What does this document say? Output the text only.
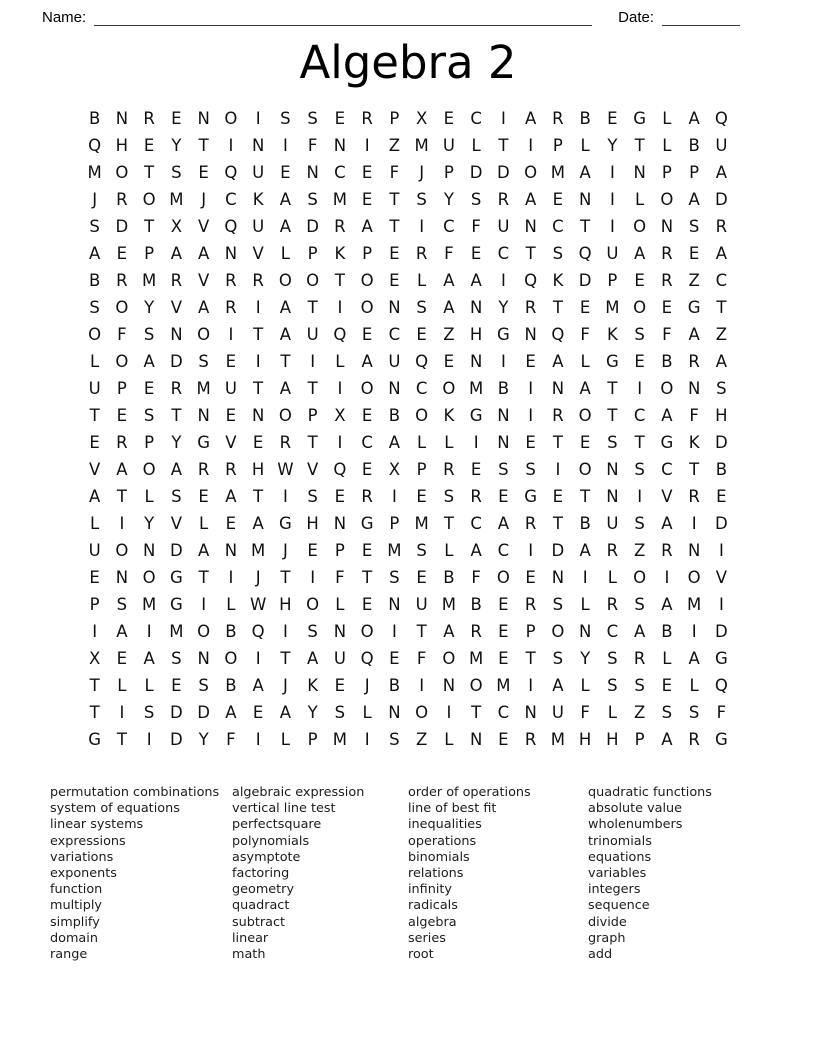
Name:	Date:
Algebra 2
B N R E N O	I	S	S	E R	P	X E C	I	A R B E G L	A Q
Q H E	Y	T	I	N	I	F N	I	Z M U	L	T	I	P	L	Y	T	L	B U
M O T	S	E Q U E N C E	F	J	P D D O M A	I	N P	P	A
J	R O M	J	C K A S M E	T	S	Y	S R A E N	I	L O A D
S D T	X V Q U A D R A	T	I	C	F U N C T	I	O N S R
A E	P	A A N V	L	P	K	P	E R	F	E C T	S Q U A R E A
B R M R V R R O O T O E	L	A A	I	Q K D P	E R Z C
S O Y	V A R	I	A	T	I	O N S A N Y R T	E M O E G T
O F	S N O	I	T	A U Q E C E Z H G N Q F	K	S	F	A Z
L O A D S	E	I	T	I	L	A U Q E N	I	E A	L G E B R A
U P	E R M U T	A	T	I	O N C O M B	I	N A	T	I	O N S
T	E	S	T N E N O P	X E B O K G N	I	R O T C A	F H
E R	P	Y G V E R T	I	C A	L	L	I	N E	T	E	S	T G K D
V A O A R R H W V Q E X	P	R E	S	S	I	O N S C T	B
A	T	L	S	E A	T	I	S	E R	I	E	S R E G E	T N	I	V R E
L	I	Y	V	L	E A G H N G P M T C A R T	B U S A	I	D
U O N D A N M	J	E	P	E M S	L	A C	I	D A R Z R N	I
E N O G T	I	J	T	I	F	T	S	E B	F O E N	I	L O	I	O V
P	S M G	I	L W H O L	E N U M B E R S	L	R S A M	I
I	A	I	M O B Q	I	S N O	I	T	A R E	P O N C A B	I	D
X E A S N O	I	T	A U Q E	F O M E	T	S	Y	S R	L	A G
T	L	L	E	S B A	J	K	E	J	B	I	N O M	I	A	L	S	S	E	L Q
T	I	S D D A E A	Y	S	L N O	I	T C N U F	L	Z S	S	F
G T	I	D Y	F	I	L	P M	I	S Z	L N E R M H H P	A R G
permutation combinations
system of equations
linear systems
expressions
variations
exponents
function
multiply
simplify
domain
range
algebraic expression
vertical line test
perfectsquare
polynomials
asymptote
factoring
geometry
quadract
subtract
linear
math
order of operations
line of best fit
inequalities
operations
binomials
relations
infinity
radicals
algebra
series
root
quadratic functions
absolute value
wholenumbers
trinomials
equations
variables
integers
sequence
divide
graph
add
